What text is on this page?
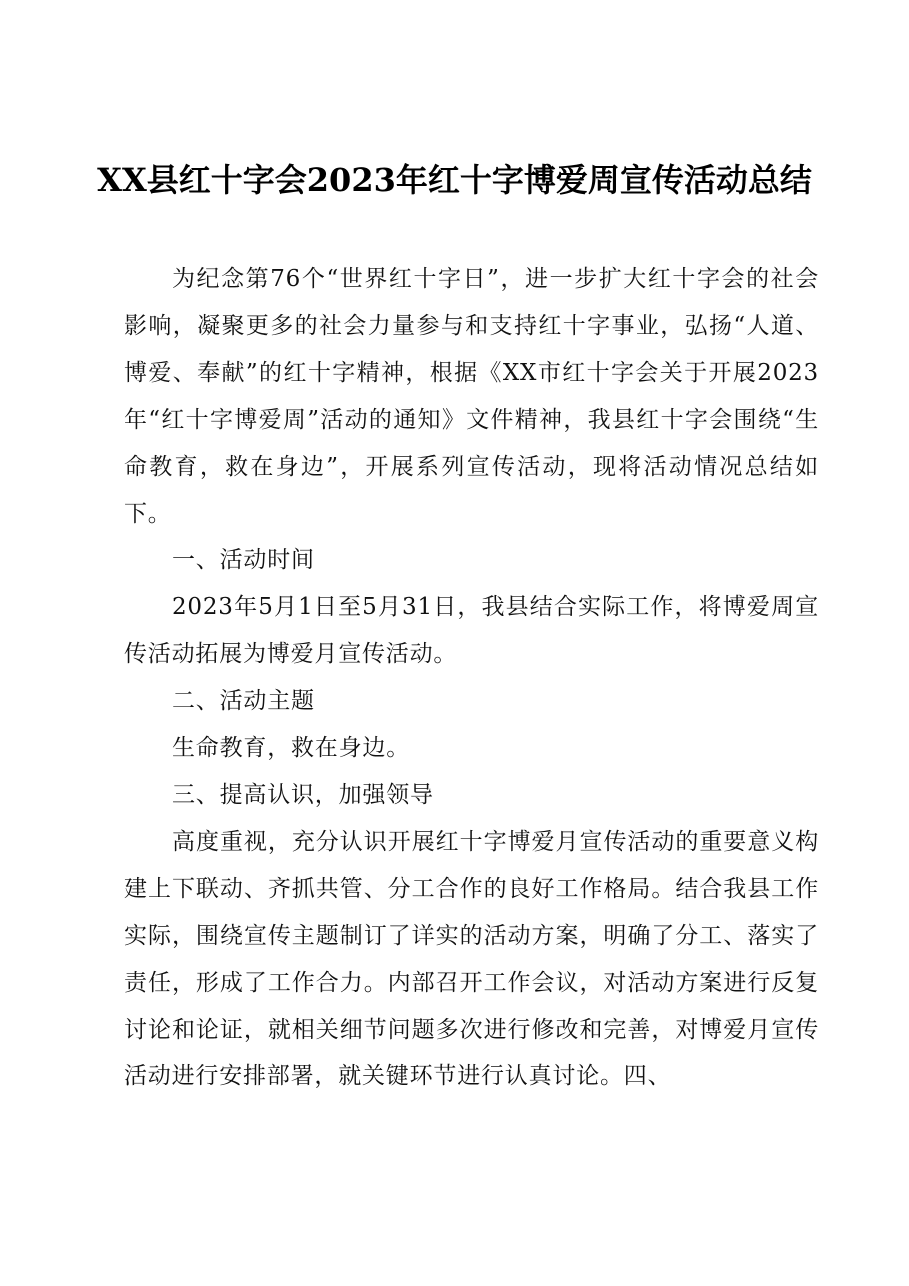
XX县红十字会2023年红十字博爱周宣传活动总结

为纪念第76个“世界红十字日”，进一步扩大红十字会的社会影响，凝聚更多的社会力量参与和支持红十字事业，弘扬“人道、博爱、奉献”的红十字精神，根据《XX市红十字会关于开展2023年“红十字博爱周”活动的通知》文件精神，我县红十字会围绕“生命教育，救在身边”，开展系列宣传活动，现将活动情况总结如下。

一、活动时间

2023年5月1日至5月31日，我县结合实际工作，将博爱周宣传活动拓展为博爱月宣传活动。

二、活动主题

生命教育，救在身边。

三、提高认识，加强领导

高度重视，充分认识开展红十字博爱月宣传活动的重要意义构建上下联动、齐抓共管、分工合作的良好工作格局。结合我县工作实际，围绕宣传主题制订了详实的活动方案，明确了分工、落实了责任，形成了工作合力。内部召开工作会议，对活动方案进行反复讨论和论证，就相关细节问题多次进行修改和完善，对博爱月宣传活动进行安排部署，就关键环节进行认真讨论。四、
